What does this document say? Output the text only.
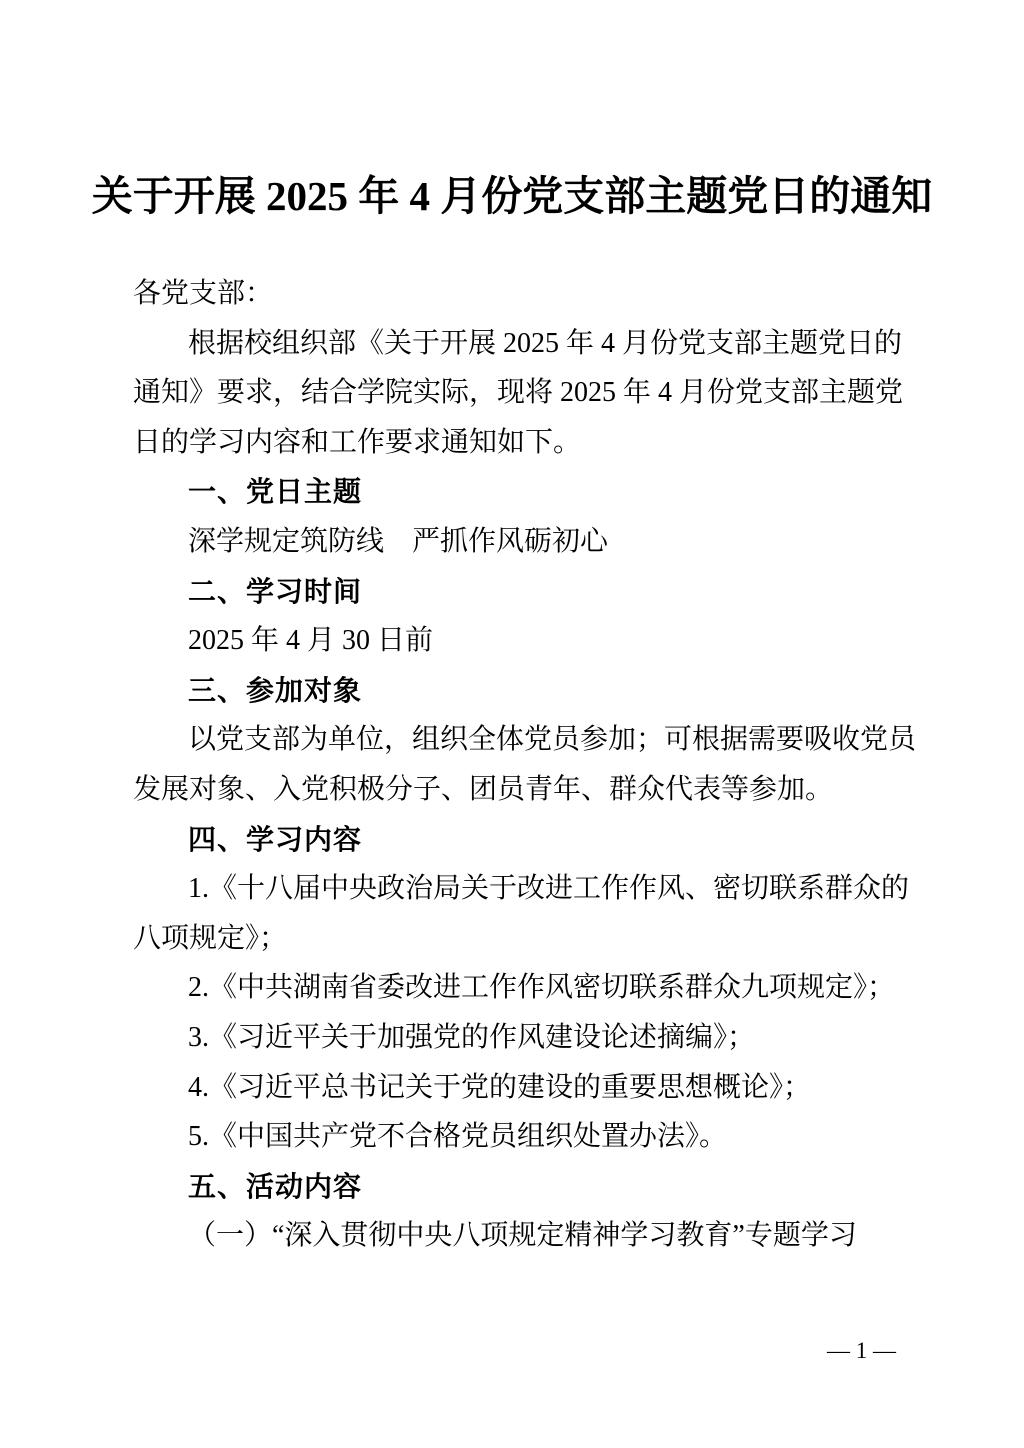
关于开展 2025 年 4 月份党支部主题党日的通知
各党支部：
根据校组织部《关于开展 2025 年 4 月份党支部主题党日的
通知》要求，结合学院实际，现将 2025 年 4 月份党支部主题党
日的学习内容和工作要求通知如下。
一、党日主题
深学规定筑防线　严抓作风砺初心
二、学习时间
2025 年 4 月 30 日前
三、参加对象
以党支部为单位，组织全体党员参加；可根据需要吸收党员
发展对象、入党积极分子、团员青年、群众代表等参加。
四、学习内容
1.《十八届中央政治局关于改进工作作风、密切联系群众的
八项规定》；
2.《中共湖南省委改进工作作风密切联系群众九项规定》；
3.《习近平关于加强党的作风建设论述摘编》；
4.《习近平总书记关于党的建设的重要思想概论》；
5.《中国共产党不合格党员组织处置办法》。
五、活动内容
（一）“深入贯彻中央八项规定精神学习教育”专题学习
— 1 —
